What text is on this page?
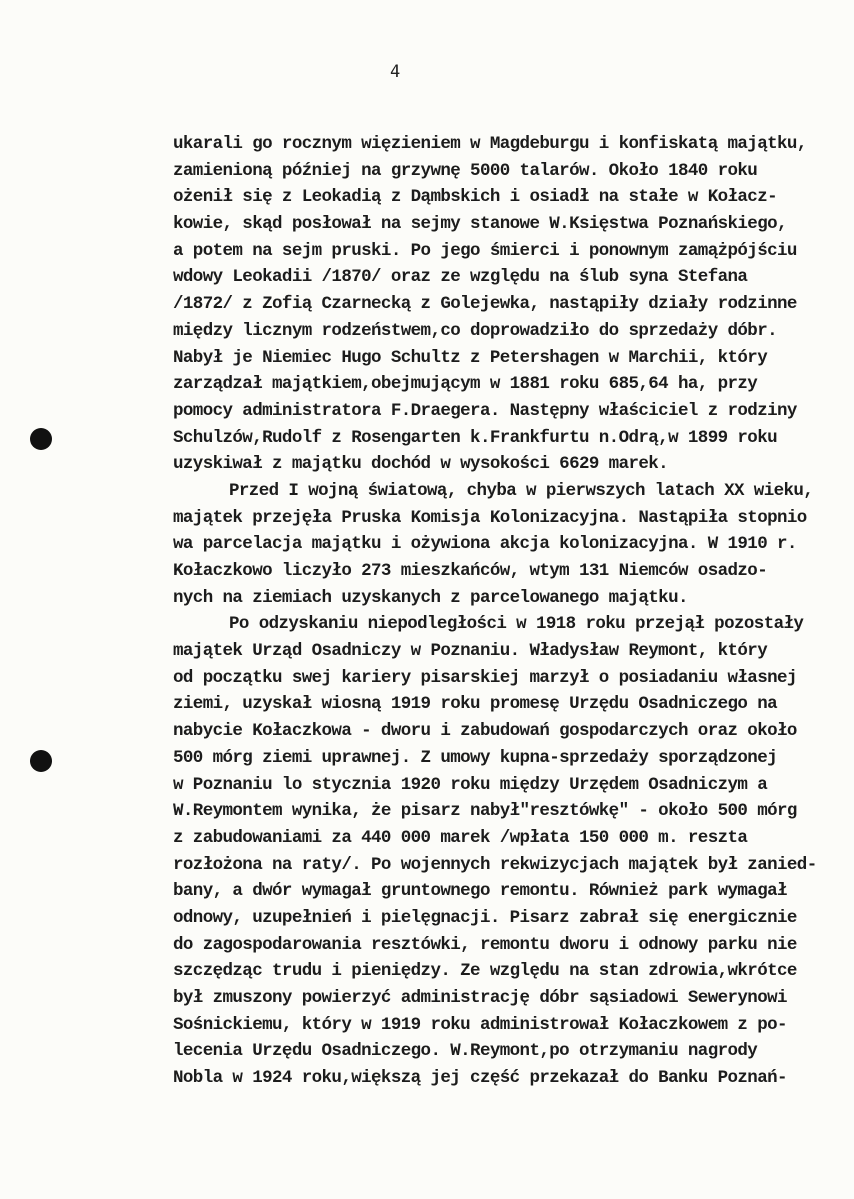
4
ukarali go rocznym więzieniem w Magdeburgu i konfiskatą majątku,
zamienioną później na grzywnę 5000 talarów. Około 1840 roku
ożenił się z Leokadią z Dąmbskich i osiadł na stałe w Kołacz-
kowie, skąd posłował na sejmy stanowe W.Księstwa Poznańskiego,
a potem na sejm pruski. Po jego śmierci i ponownym zamążpójściu
wdowy Leokadii /1870/ oraz ze względu na ślub syna Stefana
/1872/ z Zofią Czarnecką z Golejewka, nastąpiły działy rodzinne
między licznym rodzeństwem,co doprowadziło do sprzedaży dóbr.
Nabył je Niemiec Hugo Schultz z Petershagen w Marchii, który
zarządzał majątkiem,obejmującym w 1881 roku 685,64 ha, przy
pomocy administratora F.Draegera. Następny właściciel z rodziny
Schulzów,Rudolf z Rosengarten k.Frankfurtu n.Odrą,w 1899 roku
uzyskiwał z majątku dochód w wysokości 6629 marek.
Przed I wojną światową, chyba w pierwszych latach XX wieku,
majątek przejęła Pruska Komisja Kolonizacyjna. Nastąpiła stopnio
wa parcelacja majątku i ożywiona akcja kolonizacyjna. W 1910 r.
Kołaczkowo liczyło 273 mieszkańców, wtym 131 Niemców osadzo-
nych na ziemiach uzyskanych z parcelowanego majątku.
Po odzyskaniu niepodległości w 1918 roku przejął pozostały
majątek Urząd Osadniczy w Poznaniu. Władysław Reymont, który
od początku swej kariery pisarskiej marzył o posiadaniu własnej
ziemi, uzyskał wiosną 1919 roku promesę Urzędu Osadniczego na
nabycie Kołaczkowa - dworu i zabudowań gospodarczych oraz około
500 mórg ziemi uprawnej. Z umowy kupna-sprzedaży sporządzonej
w Poznaniu lo stycznia 1920 roku między Urzędem Osadniczym a
W.Reymontem wynika, że pisarz nabył"resztówkę" - około 500 mórg
z zabudowaniami za 440 000 marek /wpłata 150 000 m. reszta
rozłożona na raty/. Po wojennych rekwizycjach majątek był zanied-
bany, a dwór wymagał gruntownego remontu. Również park wymagał
odnowy, uzupełnień i pielęgnacji. Pisarz zabrał się energicznie
do zagospodarowania resztówki, remontu dworu i odnowy parku nie
szczędząc trudu i pieniędzy. Ze względu na stan zdrowia,wkrótce
był zmuszony powierzyć administrację dóbr sąsiadowi Sewerynowi
Sośnickiemu, który w 1919 roku administrował Kołaczkowem z po-
lecenia Urzędu Osadniczego. W.Reymont,po otrzymaniu nagrody
Nobla w 1924 roku,większą jej część przekazał do Banku Poznań-
